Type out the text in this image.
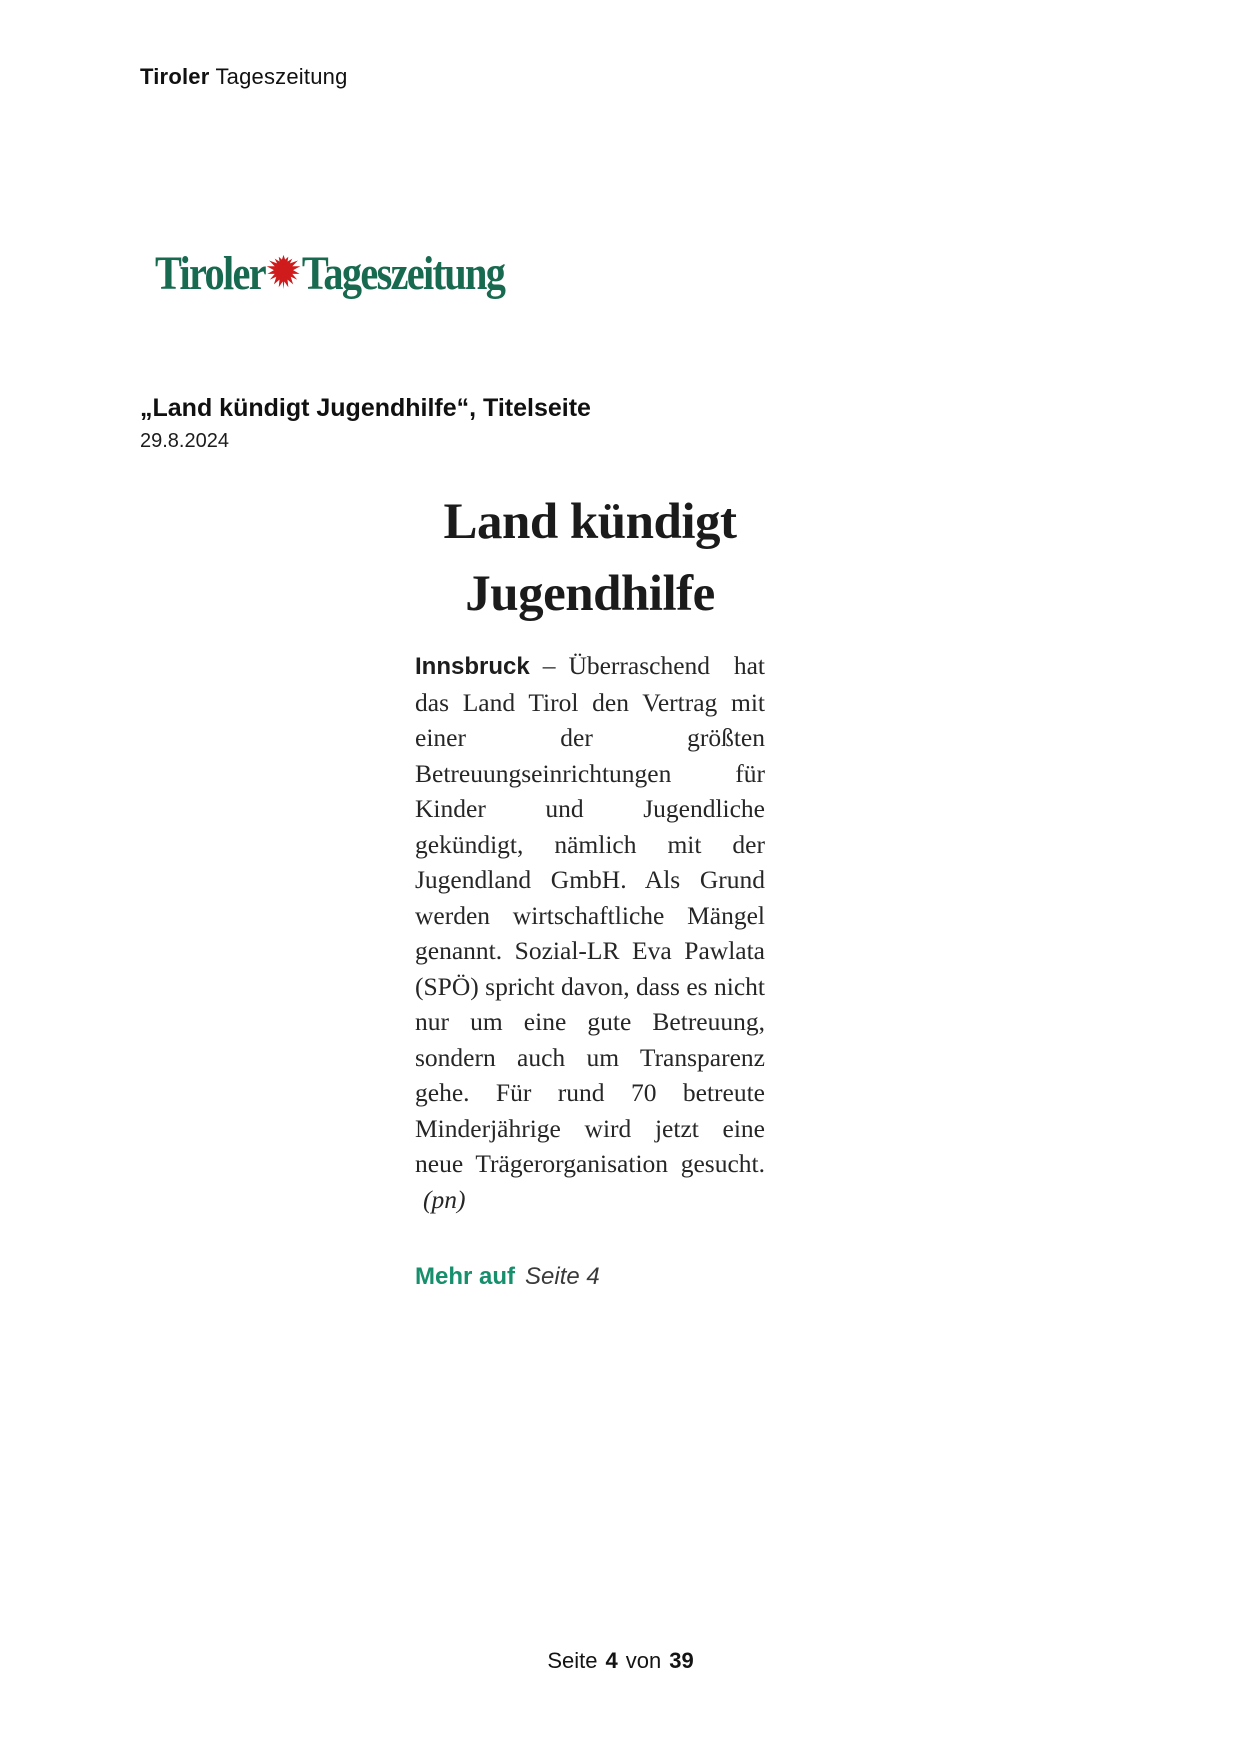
Tiroler Tageszeitung
Tiroler Tageszeitung
„Land kündigt Jugendhilfe“, Titelseite
29.8.2024
Land kündigt
Jugendhilfe

Innsbruck – Überraschend hat das Land Tirol den Vertrag mit einer der größten Betreuungseinrichtungen für Kinder und Jugendliche gekündigt, nämlich mit der Jugendland GmbH. Als Grund werden wirtschaftliche Mängel genannt. Sozial-LR Eva Pawlata (SPÖ) spricht davon, dass es nicht nur um eine gute Betreuung, sondern auch um Transparenz gehe. Für rund 70 betreute Minderjährige wird jetzt eine neue Trägerorganisation gesucht.(pn)

Mehr auf Seite 4
Seite 4 von 39
